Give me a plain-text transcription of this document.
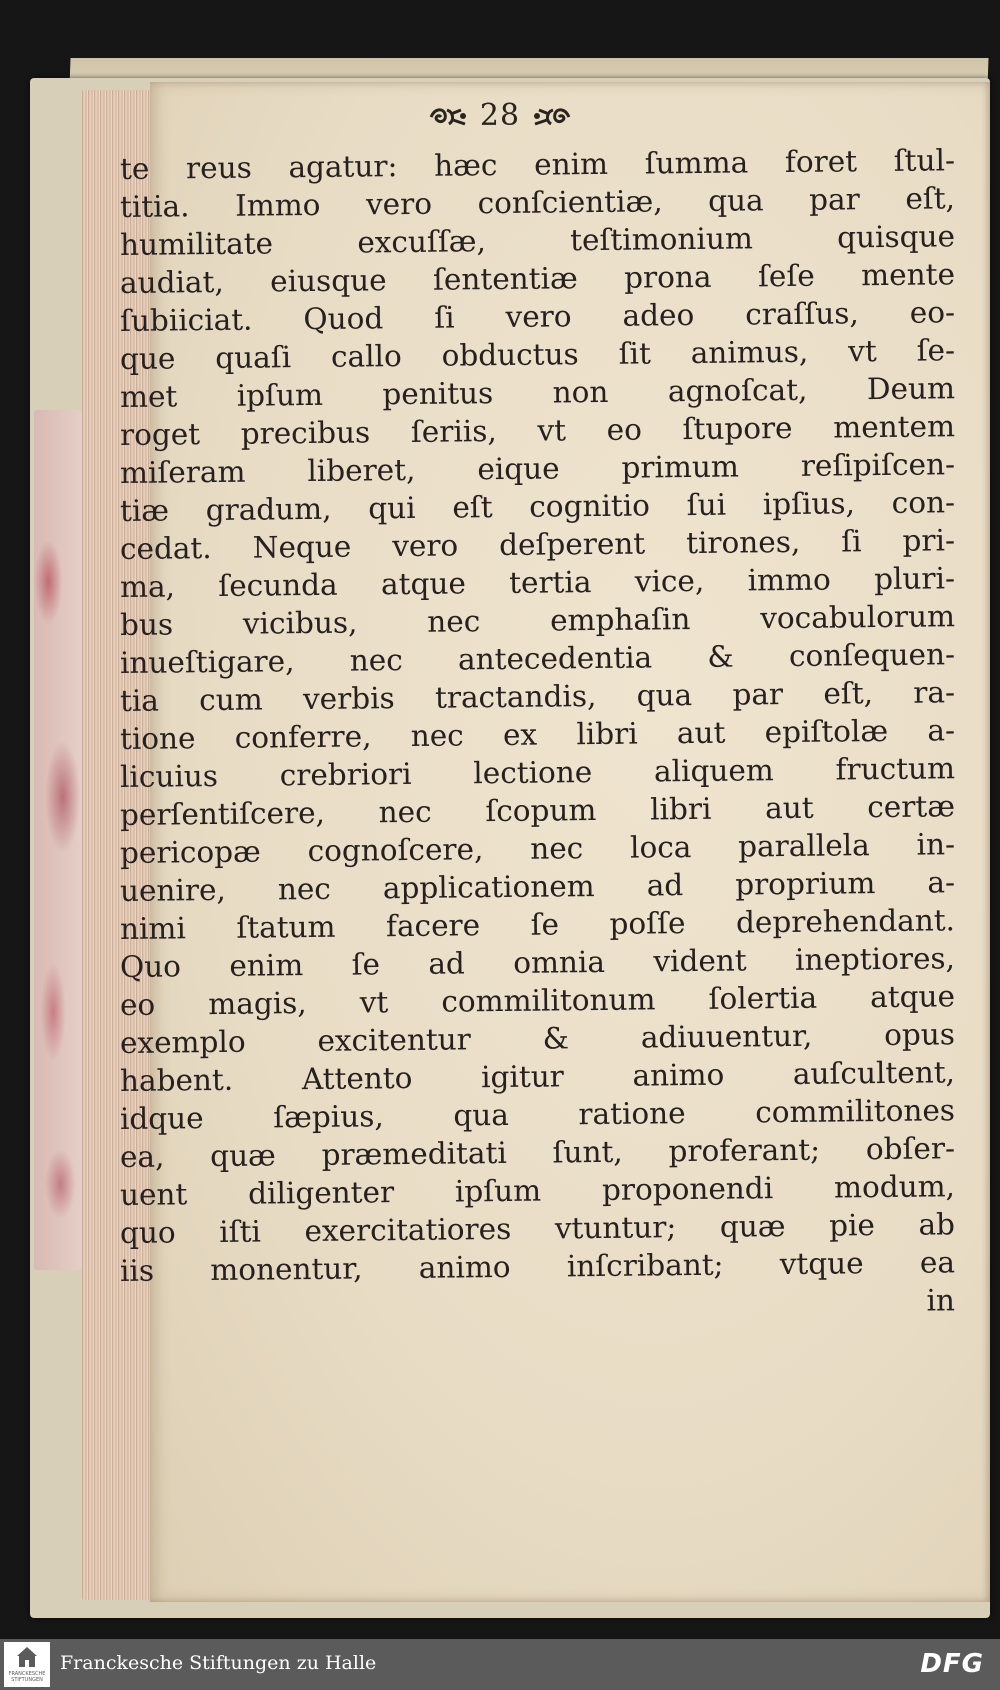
28
te reus agatur: hæc enim ſumma foret ſtul-
titia. Immo vero conſcientiæ, qua par eſt,
humilitate excuſſæ, teſtimonium quisque
audiat, eiusque ſententiæ prona ſeſe mente
ſubiiciat. Quod ſi vero adeo craſſus, eo-
que quaſi callo obductus ſit animus, vt ſe-
met ipſum penitus non agnoſcat, Deum
roget precibus ſeriis, vt eo ſtupore mentem
miſeram liberet, eique primum reſipiſcen-
tiæ gradum, qui eſt cognitio ſui ipſius, con-
cedat. Neque vero deſperent tirones, ſi pri-
ma, ſecunda atque tertia vice, immo pluri-
bus vicibus, nec emphaſin vocabulorum
inueſtigare, nec antecedentia & conſequen-
tia cum verbis tractandis, qua par eſt, ra-
tione conferre, nec ex libri aut epiſtolæ a-
licuius crebriori lectione aliquem fructum
perſentiſcere, nec ſcopum libri aut certæ
pericopæ cognoſcere, nec loca parallela in-
uenire, nec applicationem ad proprium a-
nimi ſtatum facere ſe poſſe deprehendant.
Quo enim ſe ad omnia vident ineptiores,
eo magis, vt commilitonum ſolertia atque
exemplo excitentur & adiuuentur, opus
habent. Attento igitur animo auſcultent,
idque ſæpius, qua ratione commilitones
ea, quæ præmeditati ſunt, proferant; obſer-
uent diligenter ipſum proponendi modum,
quo iſti exercitatiores vtuntur; quæ pie ab
iis monentur, animo inſcribant; vtque ea
in
FRANCKESCHE STIFTUNGEN
Franckesche Stiftungen zu Halle	DFG
